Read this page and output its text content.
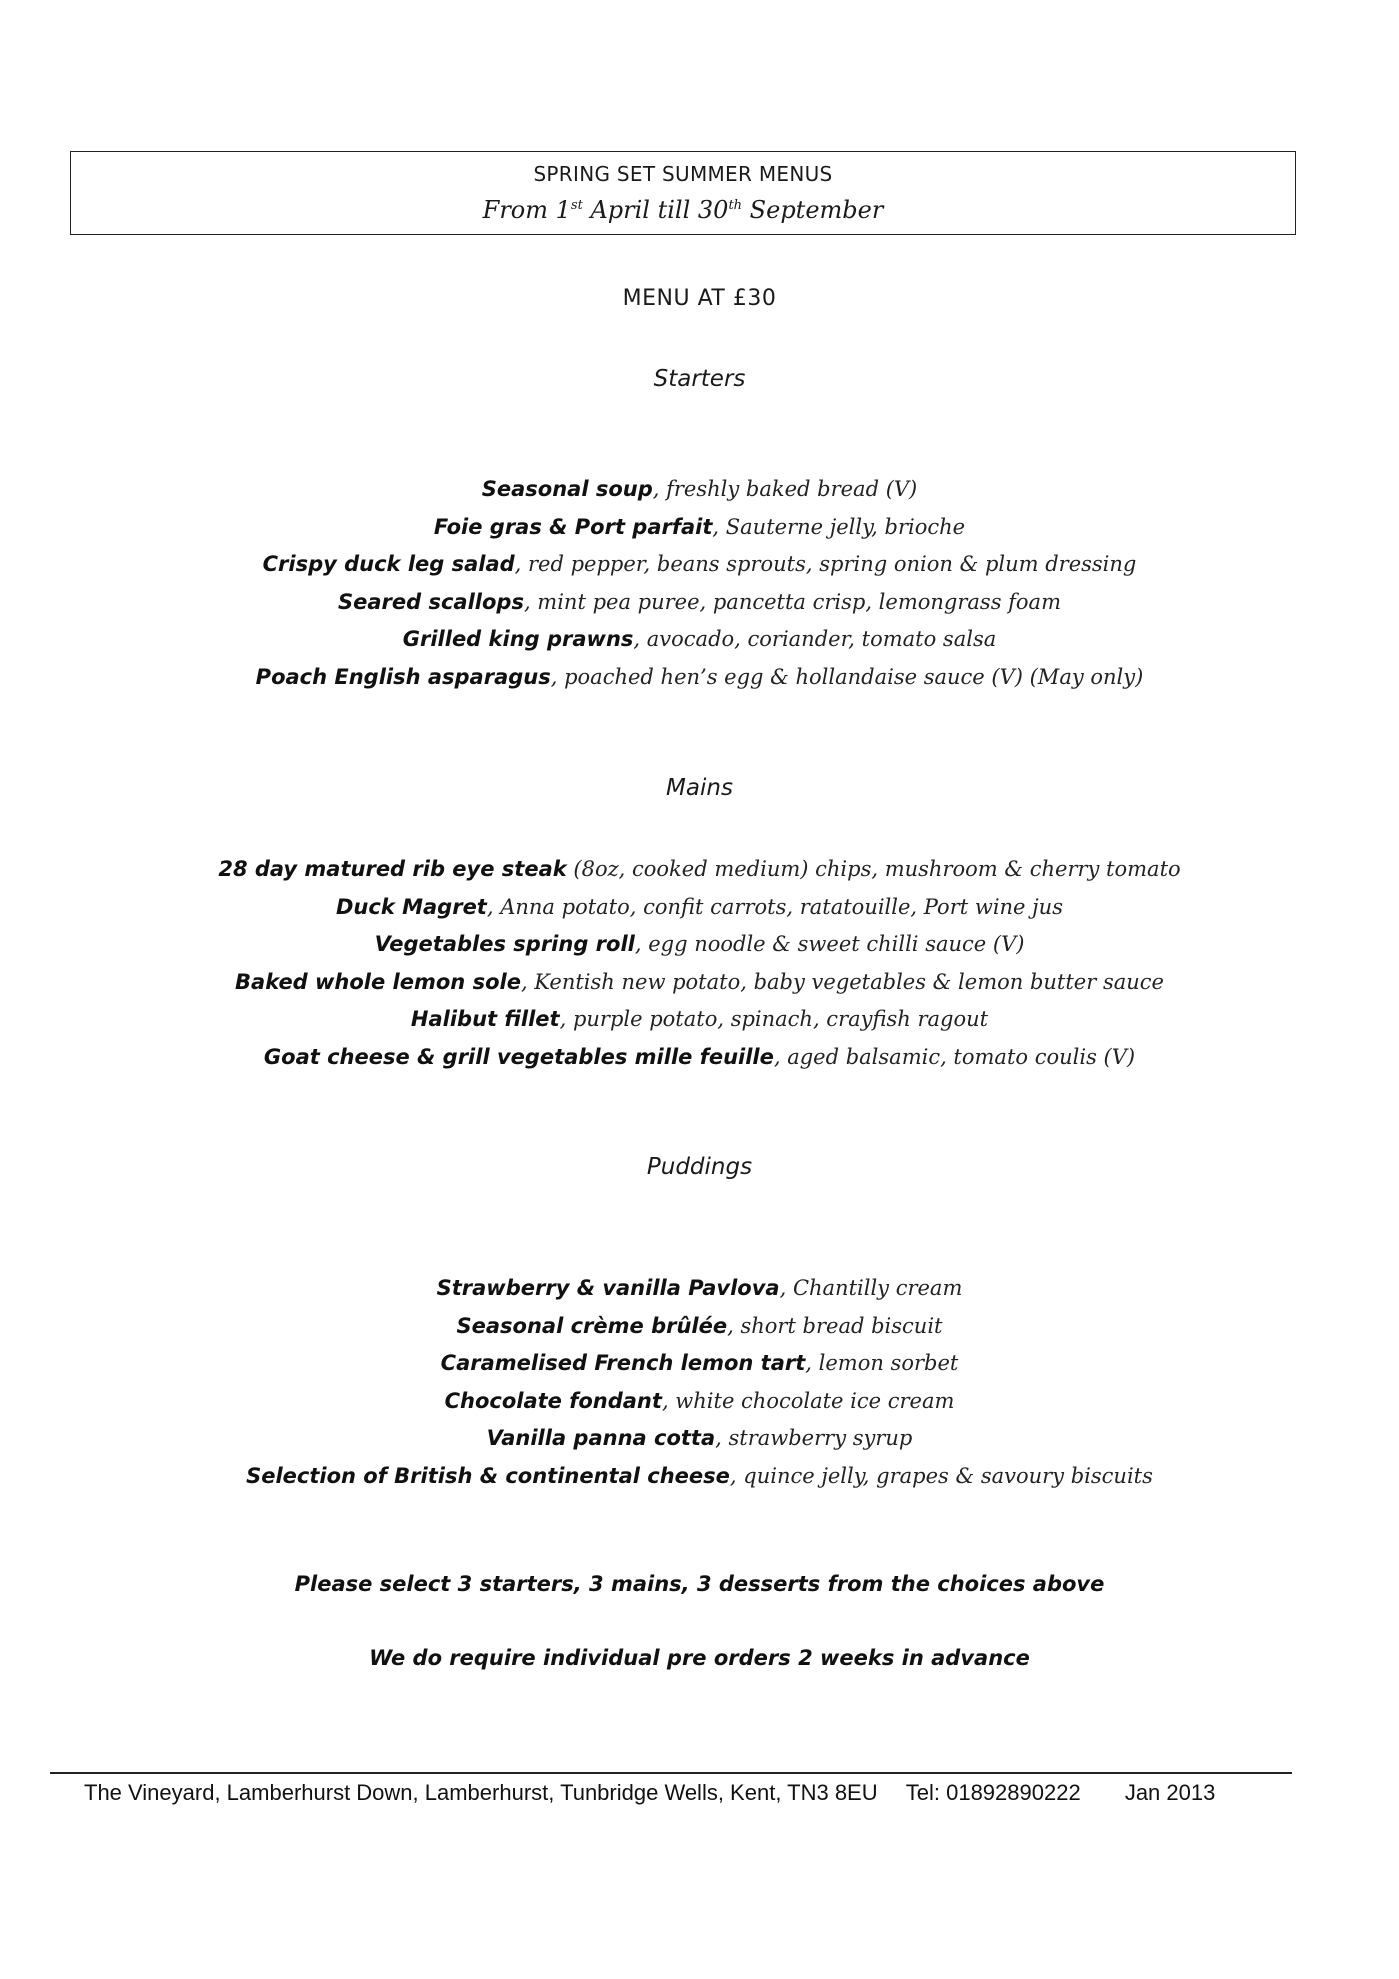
SPRING SET SUMMER MENUS
From 1st April till 30th September
MENU AT £30
Starters
Seasonal soup, freshly baked bread (V)
Foie gras & Port parfait, Sauterne jelly, brioche
Crispy duck leg salad, red pepper, beans sprouts, spring onion & plum dressing
Seared scallops, mint pea puree, pancetta crisp, lemongrass foam
Grilled king prawns, avocado, coriander, tomato salsa
Poach English asparagus, poached hen’s egg & hollandaise sauce (V) (May only)
Mains
28 day matured rib eye steak (8oz, cooked medium) chips, mushroom & cherry tomato
Duck Magret, Anna potato, confit carrots, ratatouille, Port wine jus
Vegetables spring roll, egg noodle & sweet chilli sauce (V)
Baked whole lemon sole, Kentish new potato, baby vegetables & lemon butter sauce
Halibut fillet, purple potato, spinach, crayfish ragout
Goat cheese & grill vegetables mille feuille, aged balsamic, tomato coulis (V)
Puddings
Strawberry & vanilla Pavlova, Chantilly cream
Seasonal crème brûlée, short bread biscuit
Caramelised French lemon tart, lemon sorbet
Chocolate fondant, white chocolate ice cream
Vanilla panna cotta, strawberry syrup
Selection of British & continental cheese, quince jelly, grapes & savoury biscuits
Please select 3 starters, 3 mains, 3 desserts from the choices above
We do require individual pre orders 2 weeks in advance
The Vineyard, Lamberhurst Down, Lamberhurst, Tunbridge Wells, Kent, TN3 8EU Tel: 01892890222 Jan 2013
